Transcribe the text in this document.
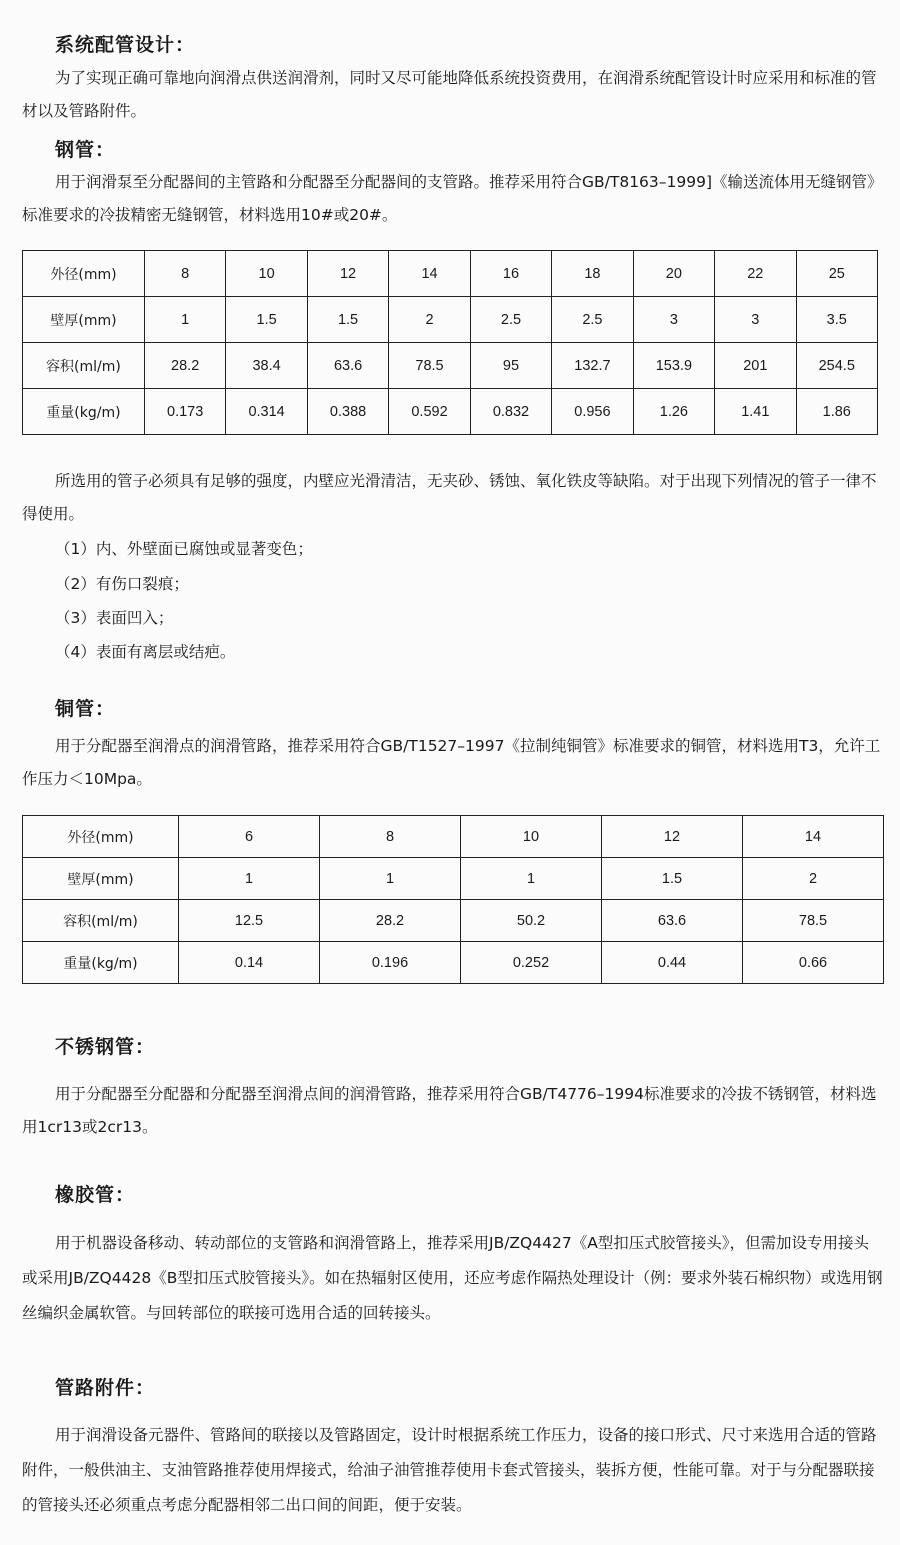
系统配管设计：

为了实现正确可靠地向润滑点供送润滑剂，同时又尽可能地降低系统投资费用，在润滑系统配管设计时应采用和标准的管材以及管路附件。

钢管：

用于润滑泵至分配器间的主管路和分配器至分配器间的支管路。推荐采用符合GB/T8163–1999]《输送流体用无缝钢管》标准要求的冷拔精密无缝钢管，材料选用10#或20#。

外径(mm)	8	10	12	14	16	18	20	22	25
壁厚(mm)	1	1.5	1.5	2	2.5	2.5	3	3	3.5
容积(ml/m)	28.2	38.4	63.6	78.5	95	132.7	153.9	201	254.5
重量(kg/m)	0.173	0.314	0.388	0.592	0.832	0.956	1.26	1.41	1.86

所选用的管子必须具有足够的强度，内壁应光滑清洁，无夹砂、锈蚀、氧化铁皮等缺陷。对于出现下列情况的管子一律不得使用。

（1）内、外壁面已腐蚀或显著变色；

（2）有伤口裂痕；

（3）表面凹入；

（4）表面有离层或结疤。

铜管：

用于分配器至润滑点的润滑管路，推荐采用符合GB/T1527–1997《拉制纯铜管》标准要求的铜管，材料选用T3，允许工作压力＜10Mpa。

外径(mm)	6	8	10	12	14
壁厚(mm)	1	1	1	1.5	2
容积(ml/m)	12.5	28.2	50.2	63.6	78.5
重量(kg/m)	0.14	0.196	0.252	0.44	0.66
不锈钢管：

用于分配器至分配器和分配器至润滑点间的润滑管路，推荐采用符合GB/T4776–1994标准要求的冷拔不锈钢管，材料选用1cr13或2cr13。

橡胶管：

用于机器设备移动、转动部位的支管路和润滑管路上，推荐采用JB/ZQ4427《A型扣压式胶管接头》，但需加设专用接头或采用JB/ZQ4428《B型扣压式胶管接头》。如在热辐射区使用，还应考虑作隔热处理设计（例：要求外装石棉织物）或选用钢丝编织金属软管。与回转部位的联接可选用合适的回转接头。

管路附件：

用于润滑设备元器件、管路间的联接以及管路固定，设计时根据系统工作压力，设备的接口形式、尺寸来选用合适的管路附件，一般供油主、支油管路推荐使用焊接式，给油子油管推荐使用卡套式管接头，装拆方便，性能可靠。对于与分配器联接的管接头还必须重点考虑分配器相邻二出口间的间距，便于安装。
